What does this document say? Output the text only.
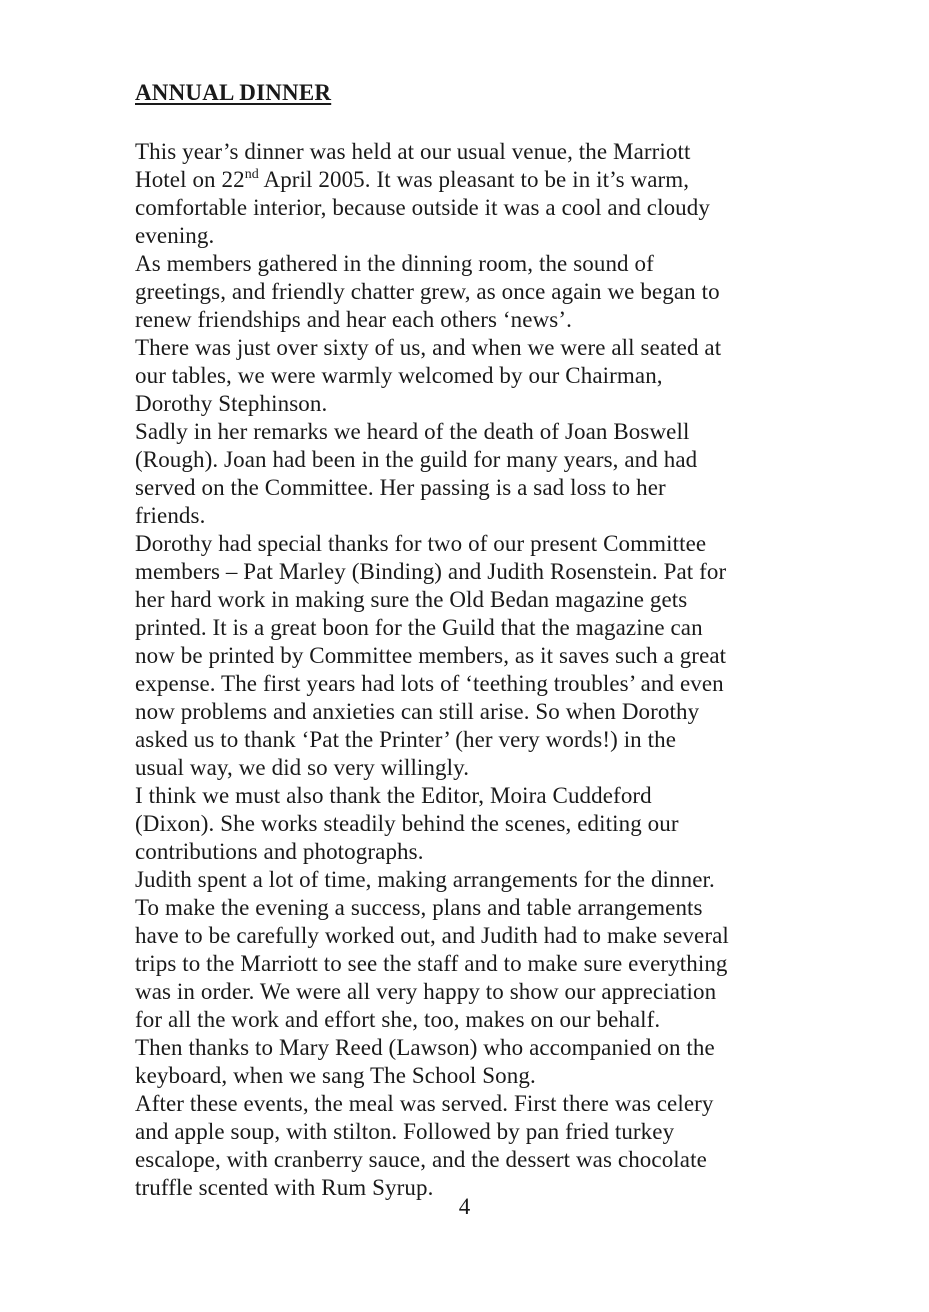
ANNUAL DINNER
This year’s dinner was held at our usual venue, the Marriott
Hotel on 22nd April 2005. It was pleasant to be in it’s warm,
comfortable interior, because outside it was a cool and cloudy
evening.
As members gathered in the dinning room, the sound of
greetings, and friendly chatter grew, as once again we began to
renew friendships and hear each others ‘news’.
There was just over sixty of us, and when we were all seated at
our tables, we were warmly welcomed by our Chairman,
Dorothy Stephinson.
Sadly in her remarks we heard of the death of Joan Boswell
(Rough). Joan had been in the guild for many years, and had
served on the Committee. Her passing is a sad loss to her
friends.
Dorothy had special thanks for two of our present Committee
members – Pat Marley (Binding) and Judith Rosenstein. Pat for
her hard work in making sure the Old Bedan magazine gets
printed. It is a great boon for the Guild that the magazine can
now be printed by Committee members, as it saves such a great
expense. The first years had lots of ‘teething troubles’ and even
now problems and anxieties can still arise. So when Dorothy
asked us to thank ‘Pat the Printer’ (her very words!) in the
usual way, we did so very willingly.
I think we must also thank the Editor, Moira Cuddeford
(Dixon). She works steadily behind the scenes, editing our
contributions and photographs.
Judith spent a lot of time, making arrangements for the dinner.
To make the evening a success, plans and table arrangements
have to be carefully worked out, and Judith had to make several
trips to the Marriott to see the staff and to make sure everything
was in order. We were all very happy to show our appreciation
for all the work and effort she, too, makes on our behalf.
Then thanks to Mary Reed (Lawson) who accompanied on the
keyboard, when we sang The School Song.
After these events, the meal was served. First there was celery
and apple soup, with stilton. Followed by pan fried turkey
escalope, with cranberry sauce, and the dessert was chocolate
truffle scented with Rum Syrup.
4
